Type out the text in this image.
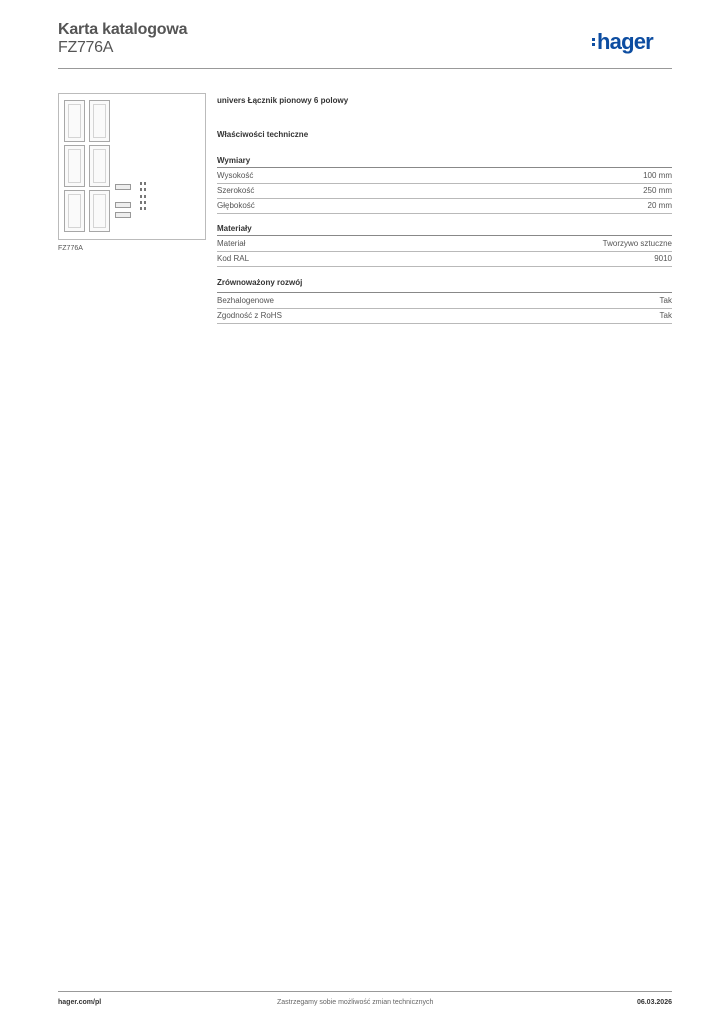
Karta katalogowa
FZ776A	hager
FZ776A
univers Łącznik pionowy 6 polowy
Właściwości techniczne
Wymiary
Wysokość	100 mm
Szerokość	250 mm
Głębokość	20 mm
Materiały
Materiał	Tworzywo sztuczne
Kod RAL	9010
Zrównoważony rozwój
Bezhalogenowe	Tak
Zgodność z RoHS	Tak
hager.com/pl	Zastrzegamy sobie możliwość zmian technicznych	06.03.2026
